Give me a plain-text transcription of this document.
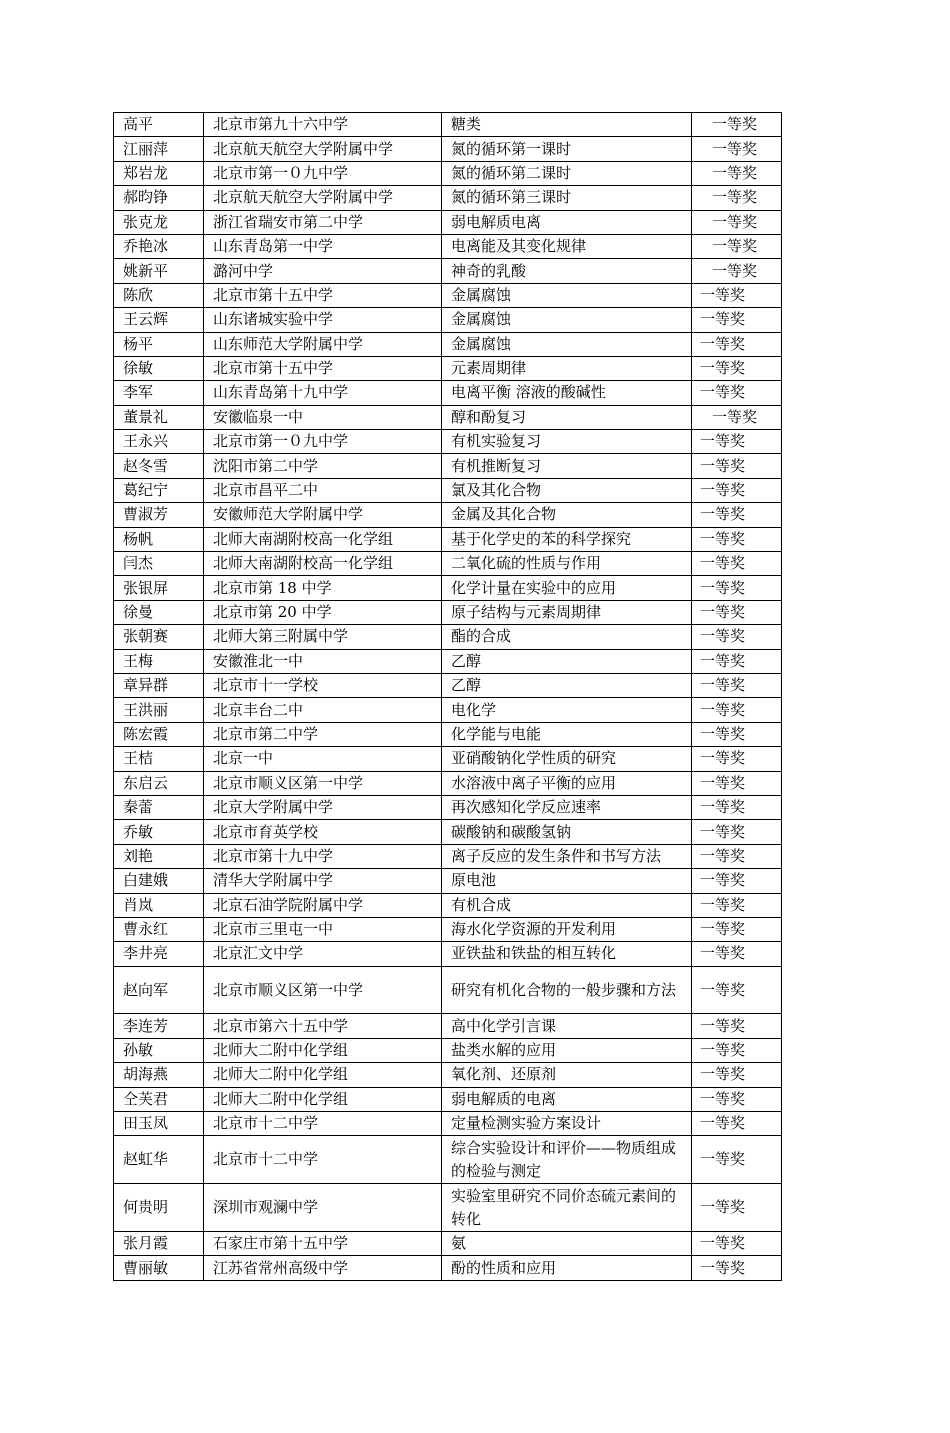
高平	北京市第九十六中学	糖类	一等奖
江丽萍	北京航天航空大学附属中学	氮的循环第一课时	一等奖
郑岩龙	北京市第一０九中学	氮的循环第二课时	一等奖
郝昀铮	北京航天航空大学附属中学	氮的循环第三课时	一等奖
张克龙	浙江省瑞安市第二中学	弱电解质电离	一等奖
乔艳冰	山东青岛第一中学	电离能及其变化规律	一等奖
姚新平	潞河中学	神奇的乳酸	一等奖
陈欣	北京市第十五中学	金属腐蚀	一等奖
王云辉	山东诸城实验中学	金属腐蚀	一等奖
杨平	山东师范大学附属中学	金属腐蚀	一等奖
徐敏	北京市第十五中学	元素周期律	一等奖
李军	山东青岛第十九中学	电离平衡 溶液的酸碱性	一等奖
董景礼	安徽临泉一中	醇和酚复习	一等奖
王永兴	北京市第一０九中学	有机实验复习	一等奖
赵冬雪	沈阳市第二中学	有机推断复习	一等奖
葛纪宁	北京市昌平二中	氯及其化合物	一等奖
曹淑芳	安徽师范大学附属中学	金属及其化合物	一等奖
杨帆	北师大南湖附校高一化学组	基于化学史的苯的科学探究	一等奖
闫杰	北师大南湖附校高一化学组	二氧化硫的性质与作用	一等奖
张银屏	北京市第 18 中学	化学计量在实验中的应用	一等奖
徐曼	北京市第 20 中学	原子结构与元素周期律	一等奖
张朝赛	北师大第三附属中学	酯的合成	一等奖
王梅	安徽淮北一中	乙醇	一等奖
章异群	北京市十一学校	乙醇	一等奖
王洪丽	北京丰台二中	电化学	一等奖
陈宏霞	北京市第二中学	化学能与电能	一等奖
王桔	北京一中	亚硝酸钠化学性质的研究	一等奖
东启云	北京市顺义区第一中学	水溶液中离子平衡的应用	一等奖
秦蕾	北京大学附属中学	再次感知化学反应速率	一等奖
乔敏	北京市育英学校	碳酸钠和碳酸氢钠	一等奖
刘艳	北京市第十九中学	离子反应的发生条件和书写方法	一等奖
白建娥	清华大学附属中学	原电池	一等奖
肖岚	北京石油学院附属中学	有机合成	一等奖
曹永红	北京市三里屯一中	海水化学资源的开发利用	一等奖
李井亮	北京汇文中学	亚铁盐和铁盐的相互转化	一等奖
赵向军	北京市顺义区第一中学	研究有机化合物的一般步骤和方法	一等奖
李连芳	北京市第六十五中学	高中化学引言课	一等奖
孙敏	北师大二附中化学组	盐类水解的应用	一等奖
胡海燕	北师大二附中化学组	氧化剂、还原剂	一等奖
仝芙君	北师大二附中化学组	弱电解质的电离	一等奖
田玉凤	北京市十二中学	定量检测实验方案设计	一等奖
赵虹华	北京市十二中学	综合实验设计和评价——物质组成的检验与测定	一等奖
何贵明	深圳市观澜中学	实验室里研究不同价态硫元素间的转化	一等奖
张月霞	石家庄市第十五中学	氨	一等奖
曹丽敏	江苏省常州高级中学	酚的性质和应用	一等奖
